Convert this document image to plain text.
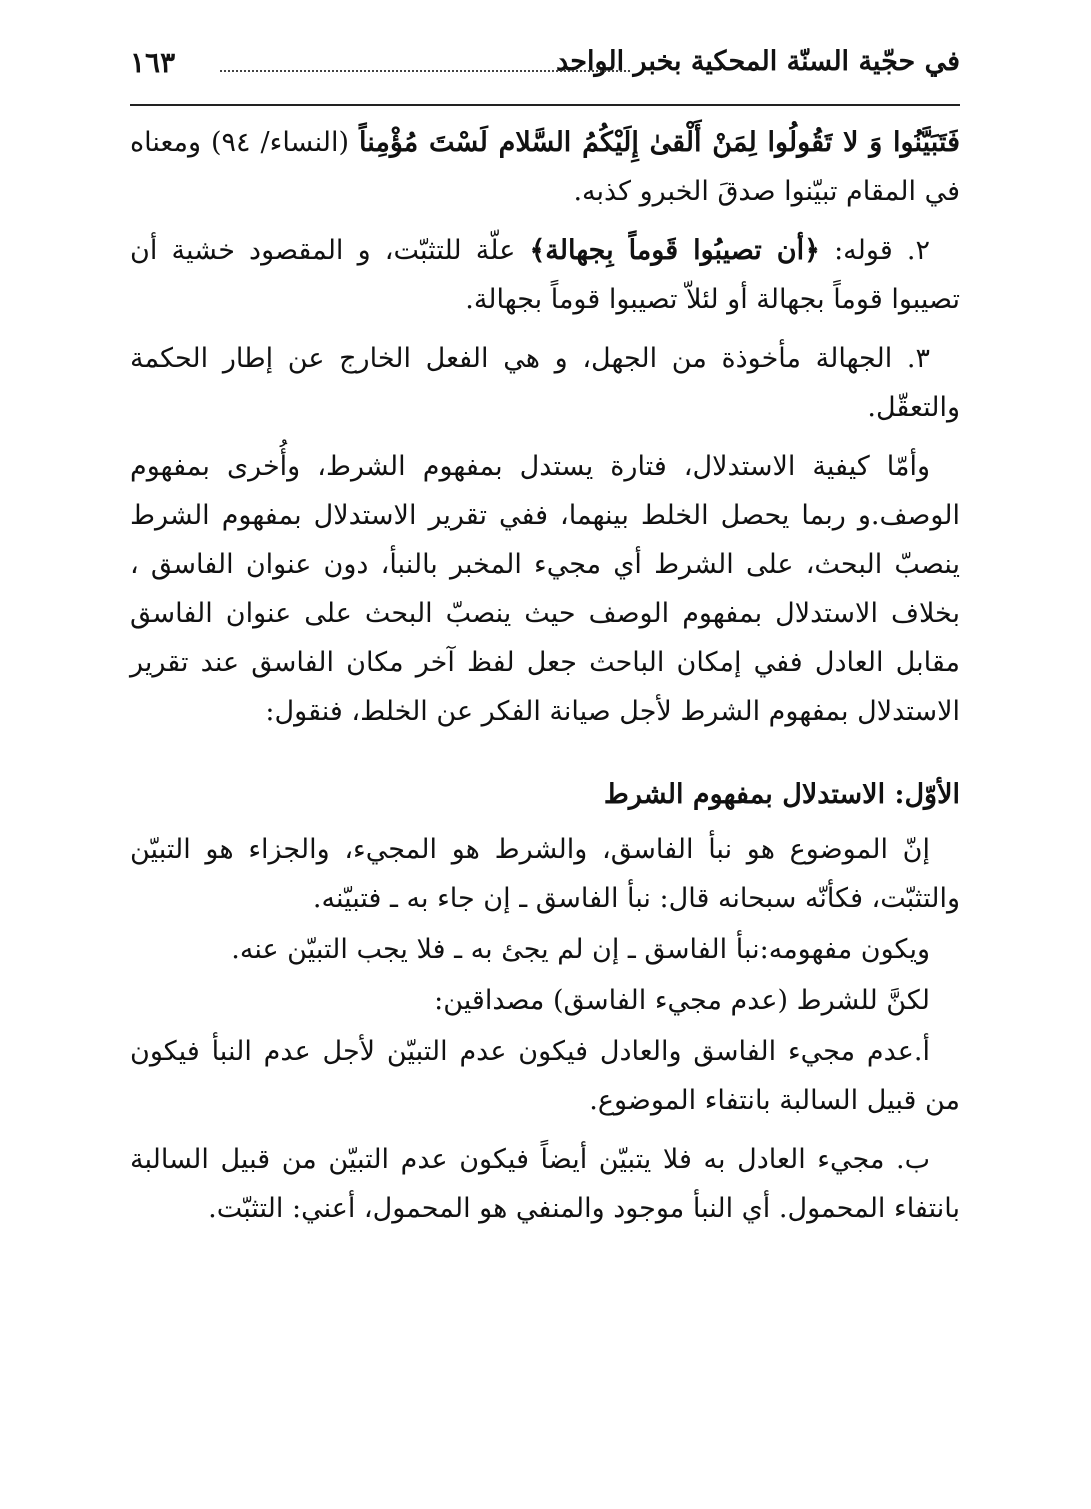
في حجّية السنّة المحكية بخبر الواحد
١٦٣

فَتَبَيَّنُوا وَ لا تَقُولُوا لِمَنْ أَلْقىٰ إِلَيْكُمُ السَّلام لَسْتَ مُؤْمِناً (النساء/ ٩٤) ومعناه في المقام تبيّنوا صدقَ الخبرو كذبه.

٢. قوله: ﴿أن تصيبُوا قَوماً بِجهالة﴾ علّة للتثبّت، و المقصود خشية أن تصيبوا قوماً بجهالة أو لئلاّ تصيبوا قوماً بجهالة.

٣. الجهالة مأخوذة من الجهل، و هي الفعل الخارج عن إطار الحكمة والتعقّل.

وأمّا كيفية الاستدلال، فتارة يستدل بمفهوم الشرط، وأُخرى بمفهوم الوصف.و ربما يحصل الخلط بينهما، ففي تقرير الاستدلال بمفهوم الشرط ينصبّ البحث، على الشرط أي مجيء المخبر بالنبأ، دون عنوان الفاسق ، بخلاف الاستدلال بمفهوم الوصف حيث ينصبّ البحث على عنوان الفاسق مقابل العادل ففي إمكان الباحث جعل لفظ آخر مكان الفاسق عند تقرير الاستدلال بمفهوم الشرط لأجل صيانة الفكر عن الخلط، فنقول:

الأوّل: الاستدلال بمفهوم الشرط

إنّ الموضوع هو نبأ الفاسق، والشرط هو المجيء، والجزاء هو التبيّن والتثبّت، فكأنّه سبحانه قال: نبأ الفاسق ـ إن جاء به ـ فتبيّنه.

ويكون مفهومه:نبأ الفاسق ـ إن لم يجئ به ـ فلا يجب التبيّن عنه.

لكنَّ للشرط (عدم مجيء الفاسق) مصداقين:

أ.عدم مجيء الفاسق والعادل فيكون عدم التبيّن لأجل عدم النبأ فيكون من قبيل السالبة بانتفاء الموضوع.

ب. مجيء العادل به فلا يتبيّن أيضاً فيكون عدم التبيّن من قبيل السالبة بانتفاء المحمول. أي النبأ موجود والمنفي هو المحمول، أعني: التثبّت.
